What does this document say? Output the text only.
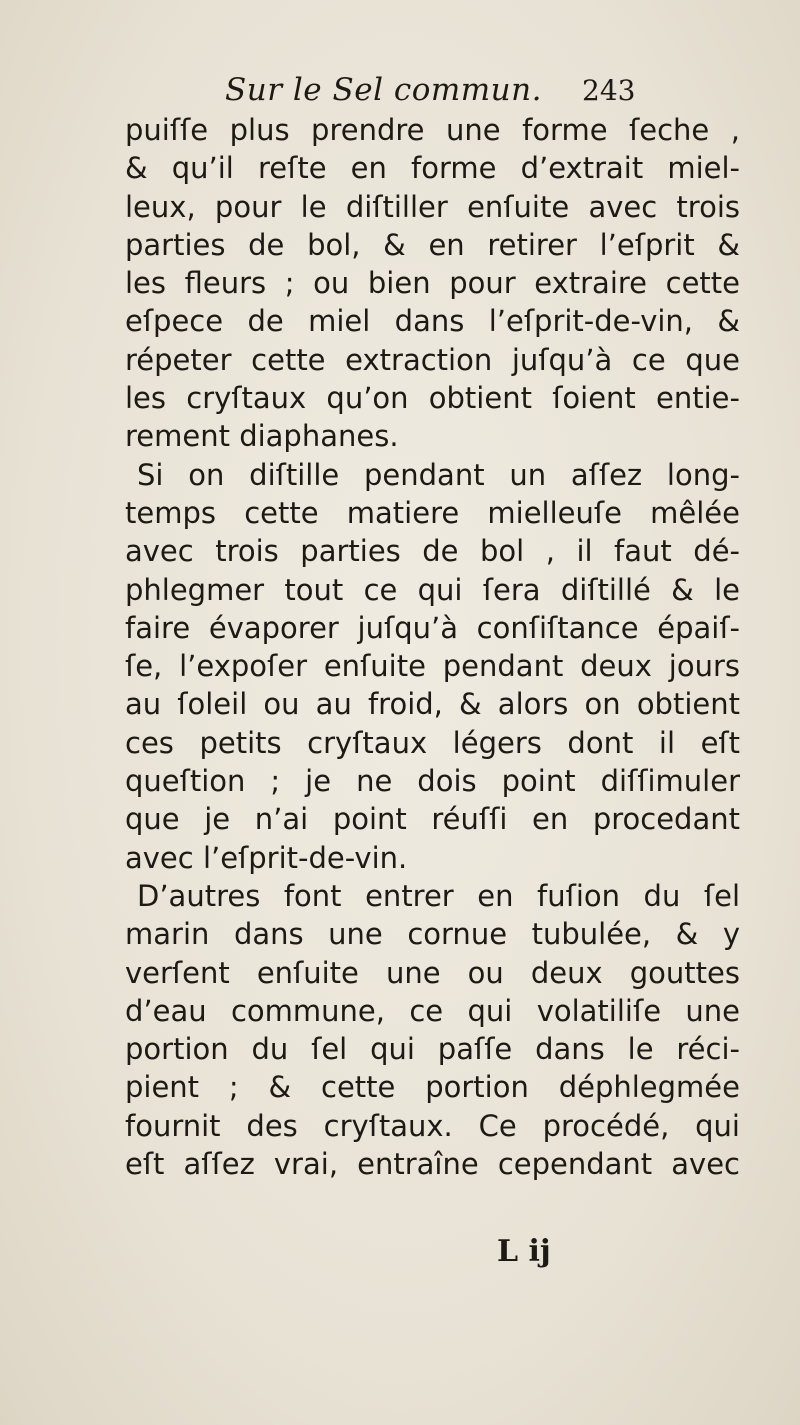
Sur le Sel commun. 243
puiſſe plus prendre une forme ſeche ,
& qu’il reſte en forme d’extrait miel-
leux, pour le diſtiller enſuite avec trois
parties de bol, & en retirer l’eſprit &
les fleurs ; ou bien pour extraire cette
eſpece de miel dans l’eſprit-de-vin, &
répeter cette extraction juſqu’à ce que
les cryſtaux qu’on obtient ſoient entie-
rement diaphanes.
Si on diſtille pendant un aſſez long-
temps cette matiere mielleuſe mêlée
avec trois parties de bol , il faut dé-
phlegmer tout ce qui ſera diſtillé & le
faire évaporer juſqu’à conſiſtance épaiſ-
ſe, l’expoſer enſuite pendant deux jours
au ſoleil ou au froid, & alors on obtient
ces petits cryſtaux légers dont il eſt
queſtion ; je ne dois point diſſimuler
que je n’ai point réuſſi en procedant
avec l’eſprit-de-vin.
D’autres font entrer en fuſion du ſel
marin dans une cornue tubulée, & y
verſent enſuite une ou deux gouttes
d’eau commune, ce qui volatiliſe une
portion du ſel qui paſſe dans le réci-
pient ; & cette portion déphlegmée
fournit des cryſtaux. Ce procédé, qui
eſt aſſez vrai, entraîne cependant avec
L ij
